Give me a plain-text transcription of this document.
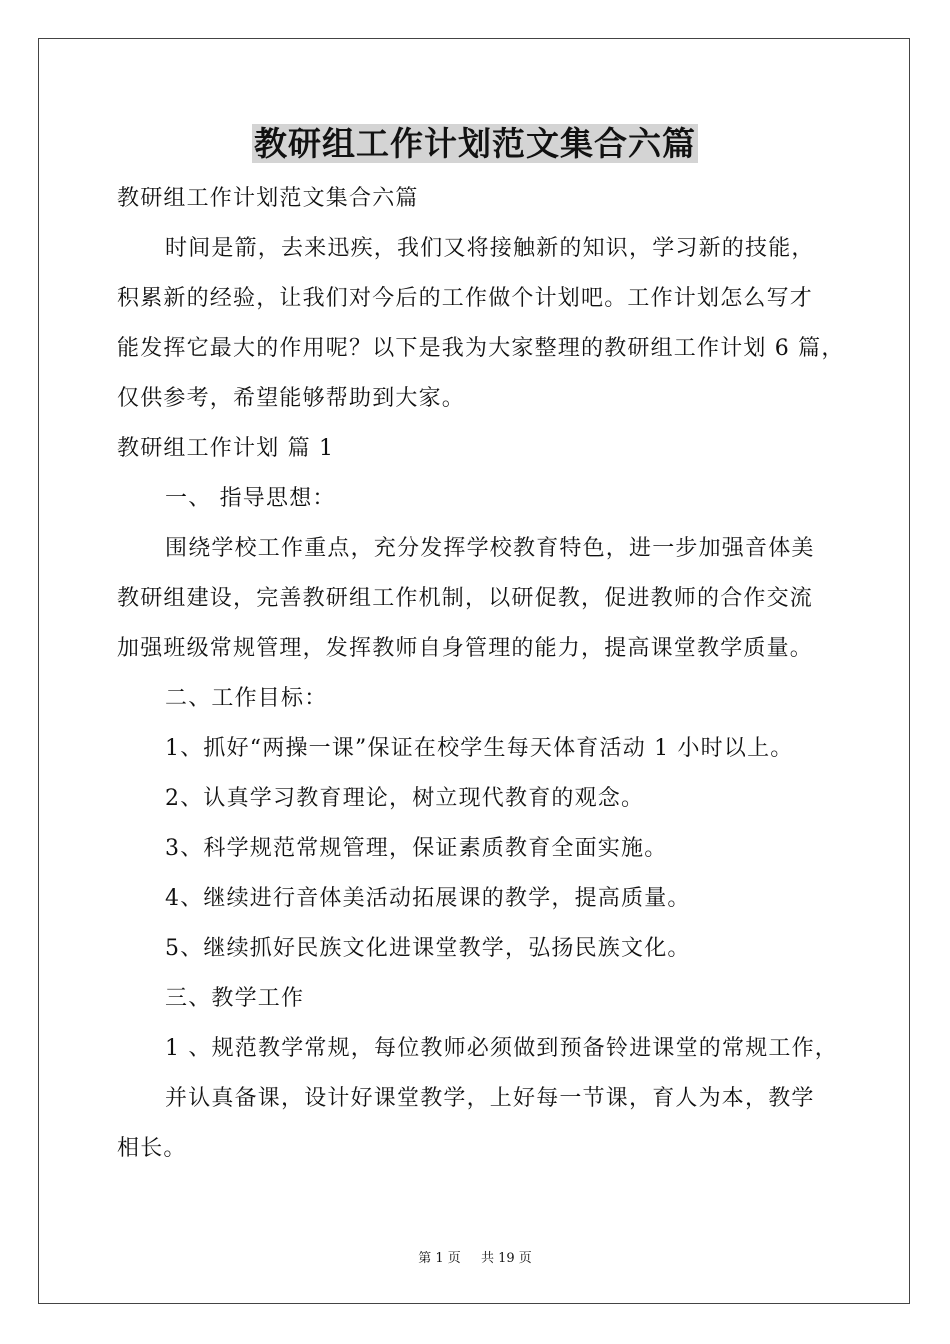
教研组工作计划范文集合六篇
教研组工作计划范文集合六篇
时间是箭，去来迅疾，我们又将接触新的知识，学习新的技能，
积累新的经验，让我们对今后的工作做个计划吧。工作计划怎么写才
能发挥它最大的作用呢？以下是我为大家整理的教研组工作计划 6 篇，
仅供参考，希望能够帮助到大家。
教研组工作计划 篇 1
一、 指导思想：
围绕学校工作重点，充分发挥学校教育特色，进一步加强音体美
教研组建设，完善教研组工作机制，以研促教，促进教师的合作交流
加强班级常规管理，发挥教师自身管理的能力，提高课堂教学质量。
二、工作目标：
1、抓好“两操一课”保证在校学生每天体育活动 1 小时以上。
2、认真学习教育理论，树立现代教育的观念。
3、科学规范常规管理，保证素质教育全面实施。
4、继续进行音体美活动拓展课的教学，提高质量。
5、继续抓好民族文化进课堂教学，弘扬民族文化。
三、教学工作
1 、规范教学常规，每位教师必须做到预备铃进课堂的常规工作，
并认真备课，设计好课堂教学，上好每一节课，育人为本，教学
相长。
第 1 页 共 19 页
